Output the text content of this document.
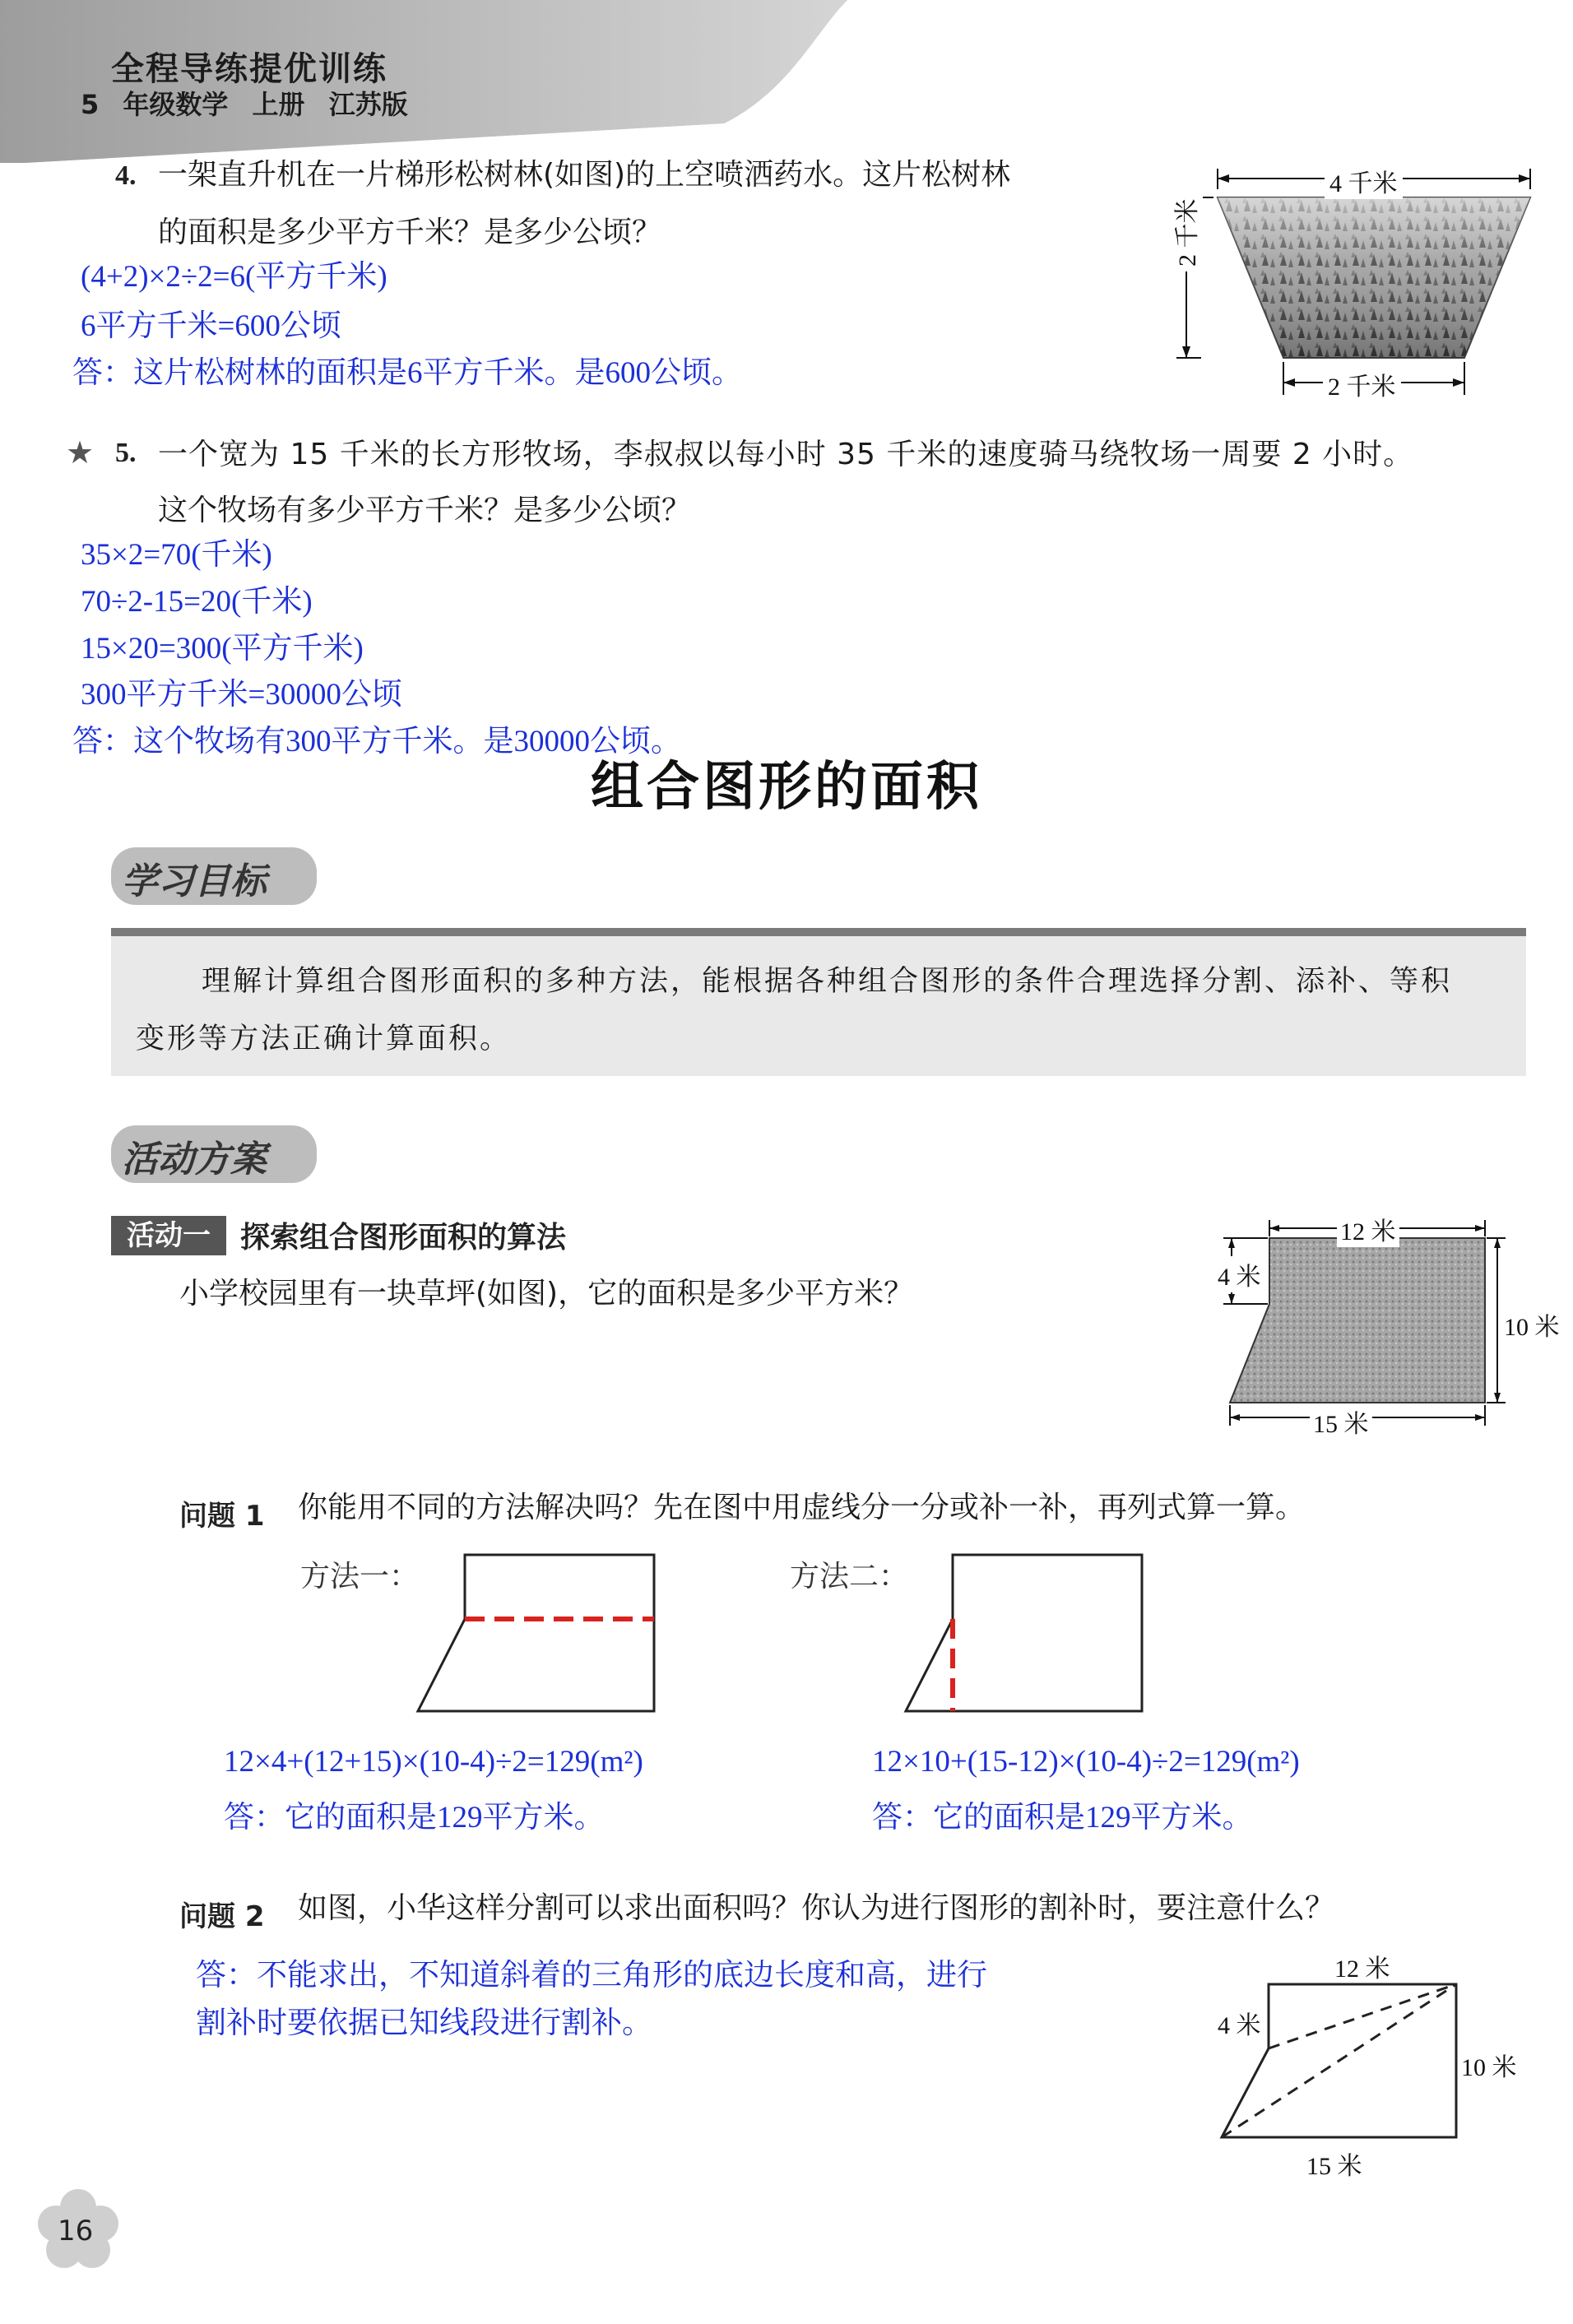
全程导练提优训练
5 年级数学 上册 江苏版
4. 一架直升机在一片梯形松树林(如图)的上空喷洒药水。这片松树林
的面积是多少平方千米？是多少公顷？
4 千米
2 千米
2 千米
(4+2)×2÷2=6(平方千米)
6平方千米=600公顷
答：这片松树林的面积是6平方千米。是600公顷。
★ 5. 一个宽为 15 千米的长方形牧场，李叔叔以每小时 35 千米的速度骑马绕牧场一周要 2 小时。
这个牧场有多少平方千米？是多少公顷？
35×2=70(千米)
70÷2-15=20(千米)
15×20=300(平方千米)
300平方千米=30000公顷
答：这个牧场有300平方千米。是30000公顷。
组合图形的面积
学习目标
理解计算组合图形面积的多种方法，能根据各种组合图形的条件合理选择分割、添补、等积
变形等方法正确计算面积。
活动方案
活动一	探索组合图形面积的算法
小学校园里有一块草坪(如图)，它的面积是多少平方米？
12 米
4 米
10 米
15 米
问题 1 你能用不同的方法解决吗？先在图中用虚线分一分或补一补，再列式算一算。
方法一：	方法二：
12×4+(12+15)×(10-4)÷2=129(m²)
答：它的面积是129平方米。
12×10+(15-12)×(10-4)÷2=129(m²)
答：它的面积是129平方米。
问题 2 如图，小华这样分割可以求出面积吗？你认为进行图形的割补时，要注意什么？
答：不能求出，不知道斜着的三角形的底边长度和高，进行
割补时要依据已知线段进行割补。
12 米
4 米
10 米
15 米
16
